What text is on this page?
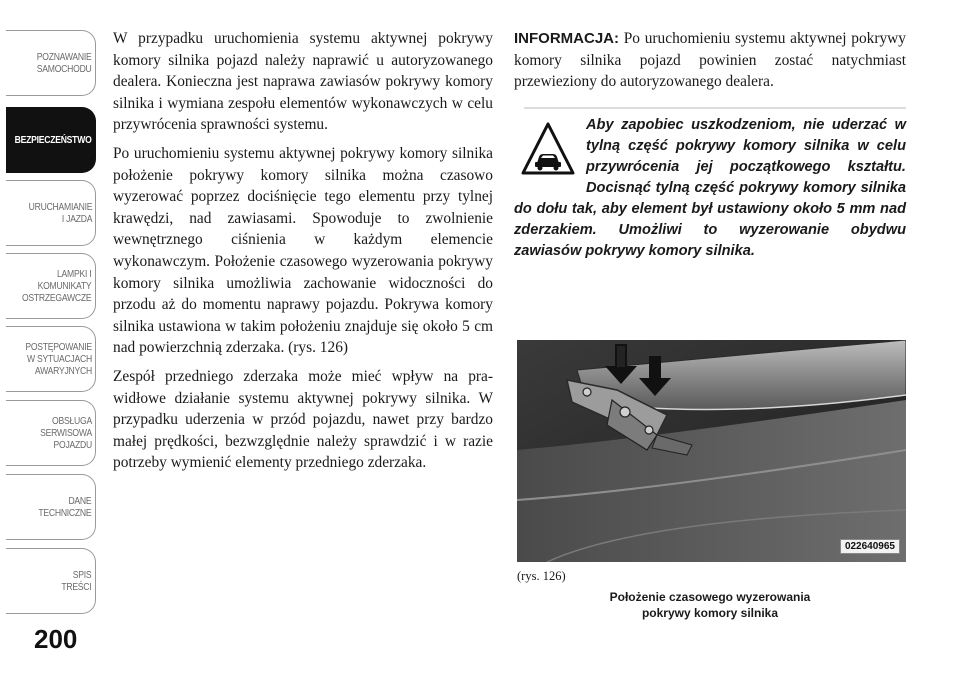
POZNAWANIE
SAMOCHODU
BEZPIECZEŃSTWO
URUCHAMIANIE
I JAZDA
LAMPKI I
KOMUNIKATY
OSTRZEGAWCZE
POSTĘPOWANIE
W SYTUACJACH
AWARYJNYCH
OBSŁUGA
SERWISOWA
POJAZDU
DANE
TECHNICZNE
SPIS
TREŚCI
200

W przypadku uruchomienia systemu aktywnej pokrywy komory silnika pojazd należy naprawić u autoryzowanego dealera. Konieczna jest naprawa zawiasów pokrywy komory silnika i wymiana zespołu elementów wykonawczych w celu przywrócenia sprawności systemu.

Po uruchomieniu systemu aktywnej pokrywy komory silnika położenie pokrywy komory silnika można czasowo wyzerować poprzez dociśnięcie tego elementu przy tylnej krawędzi, nad zawiasami. Spowoduje to zwolnienie wewnętrznego ciśnienia w każdym elemencie wykonawczym. Położenie czasowego wyzerowania pokrywy komory silnika umożliwia zachowanie widoczności do przodu aż do momentu naprawy pojazdu. Pokrywa komory silnika ustawiona w takim położeniu znajduje się około 5 cm nad powierzchnią zderzaka. (rys. 126)

Zespół przedniego zderzaka może mieć wpływ na prawidłowe działanie systemu aktywnej pokrywy silnika. W przypadku uderzenia w przód pojazdu, nawet przy bardzo małej prędkości, bezwzględnie należy sprawdzić i w razie potrzeby wymienić elementy przedniego zderzaka.

INFORMACJA: Po uruchomieniu systemu aktywnej pokrywy komory silnika pojazd powinien zostać natychmiast przewieziony do autoryzowanego dealera.

Aby zapobiec uszkodzeniom, nie uderzać w tylną część pokrywy komory silnika w celu przywrócenia jej początkowego kształtu. Docisnąć tylną część pokrywy komory silnika do dołu tak, aby element był ustawiony około 5 mm nad zderzakiem. Umożliwi to wyzerowanie obydwu zawiasów pokrywy komory silnika.

022640965
(rys. 126)
Położenie czasowego wyzerowania
pokrywy komory silnika
